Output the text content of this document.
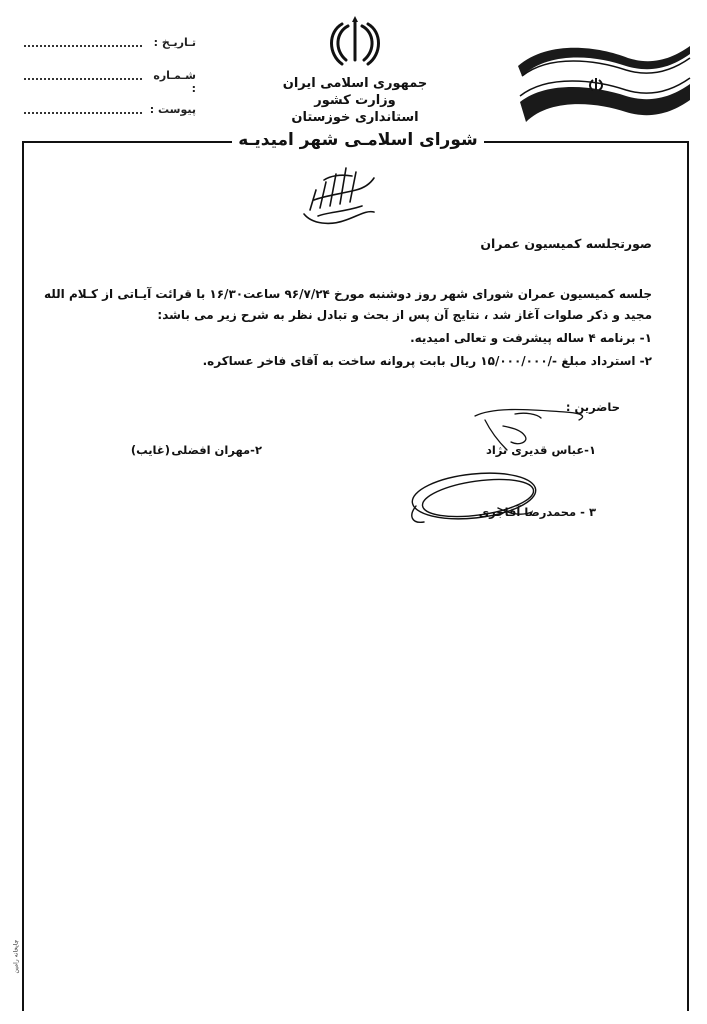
تـاریـخ :
شـمـاره :
پیوست :
جمهوری اسلامی ایران
وزارت کشور
استانداری خوزستان
شورای اسلامـی شهر امیدیـه
صورتجلسه کمیسیون عمران
جلسه کمیسیون عمران شورای شهر روز دوشنبه مورخ ۹۶/۷/۲۴ ساعت۱۶/۳۰ با قرائت آیـاتی از کـلام الله
مجید و ذکر صلوات آغاز شد ، نتایج آن پس از بحث و تبادل نظر به شرح زیر می باشد:
۱- برنامه ۴ ساله پیشرفت و تعالی امیدیه.
۲- استرداد مبلغ -/۱۵/۰۰۰/۰۰۰ ریال بابت پروانه ساخت به آقای فاخر عساکره.
حاضرین :
۱-عباس قدیری نژاد
۲-مهران افضلی
(غایب)
۳ - محمدرضا آقاجری
چاپخانه رامین
